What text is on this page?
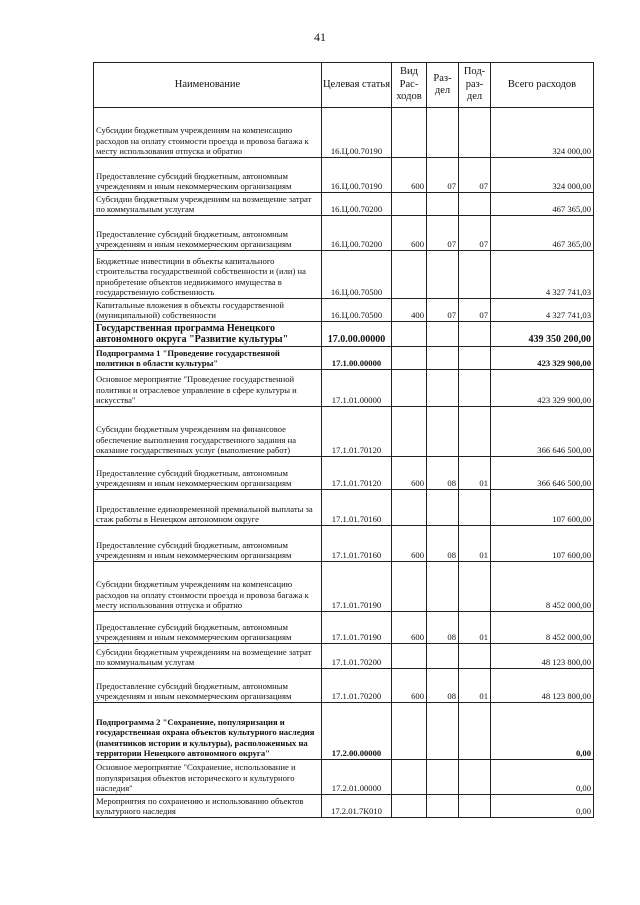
41
Наименование	Целевая статья	Вид Рас-ходов	Раз-дел	Под-раз-дел	Всего расходов
Субсидии бюджетным учреждениям на компенсацию расходов на оплату стоимости проезда и провоза багажа к месту использования отпуска и обратно	16.Ц.00.70190				324 000,00
Предоставление субсидий бюджетным, автономным учреждениям и иным некоммерческим организациям	16.Ц.00.70190	600	07	07	324 000,00
Субсидии бюджетным учреждениям на возмещение затрат по коммунальным услугам	16.Ц.00.70200				467 365,00
Предоставление субсидий бюджетным, автономным учреждениям и иным некоммерческим организациям	16.Ц.00.70200	600	07	07	467 365,00
Бюджетные инвестиции в объекты капитального строительства государственной собственности и (или) на приобретение объектов недвижимого имущества в государственную собственность	16.Ц.00.70500				4 327 741,03
Капитальные вложения в объекты государственной (муниципальной) собственности	16.Ц.00.70500	400	07	07	4 327 741,03
Государственная программа Ненецкого автономного округа "Развитие культуры"	17.0.00.00000				439 350 200,00
Подпрограмма 1 "Проведение государственной политики в области культуры"	17.1.00.00000				423 329 900,00
Основное мероприятие "Проведение государственной политики и отраслевое управление в сфере культуры и искусства"	17.1.01.00000				423 329 900,00
Субсидии бюджетным учреждениям на финансовое обеспечение выполнения государственного задания на оказание государственных услуг (выполнение работ)	17.1.01.70120				366 646 500,00
Предоставление субсидий бюджетным, автономным учреждениям и иным некоммерческим организациям	17.1.01.70120	600	08	01	366 646 500,00
Предоставление единовременной премиальной выплаты за стаж работы в Ненецком автономном округе	17.1.01.70160				107 600,00
Предоставление субсидий бюджетным, автономным учреждениям и иным некоммерческим организациям	17.1.01.70160	600	08	01	107 600,00
Субсидии бюджетным учреждениям на компенсацию расходов на оплату стоимости проезда и провоза багажа к месту использования отпуска и обратно	17.1.01.70190				8 452 000,00
Предоставление субсидий бюджетным, автономным учреждениям и иным некоммерческим организациям	17.1.01.70190	600	08	01	8 452 000,00
Субсидии бюджетным учреждениям на возмещение затрат по коммунальным услугам	17.1.01.70200				48 123 800,00
Предоставление субсидий бюджетным, автономным учреждениям и иным некоммерческим организациям	17.1.01.70200	600	08	01	48 123 800,00
Подпрограмма 2 "Сохранение, популяризация и государственная охрана объектов культурного наследия (памятников истории и культуры), расположенных на территории Ненецкого автономного округа"	17.2.00.00000				0,00
Основное мероприятие "Сохранение, использование и популяризация объектов исторического и культурного наследия"	17.2.01.00000				0,00
Мероприятия по сохранению и использованию объектов культурного наследия	17.2.01.7К010				0,00
